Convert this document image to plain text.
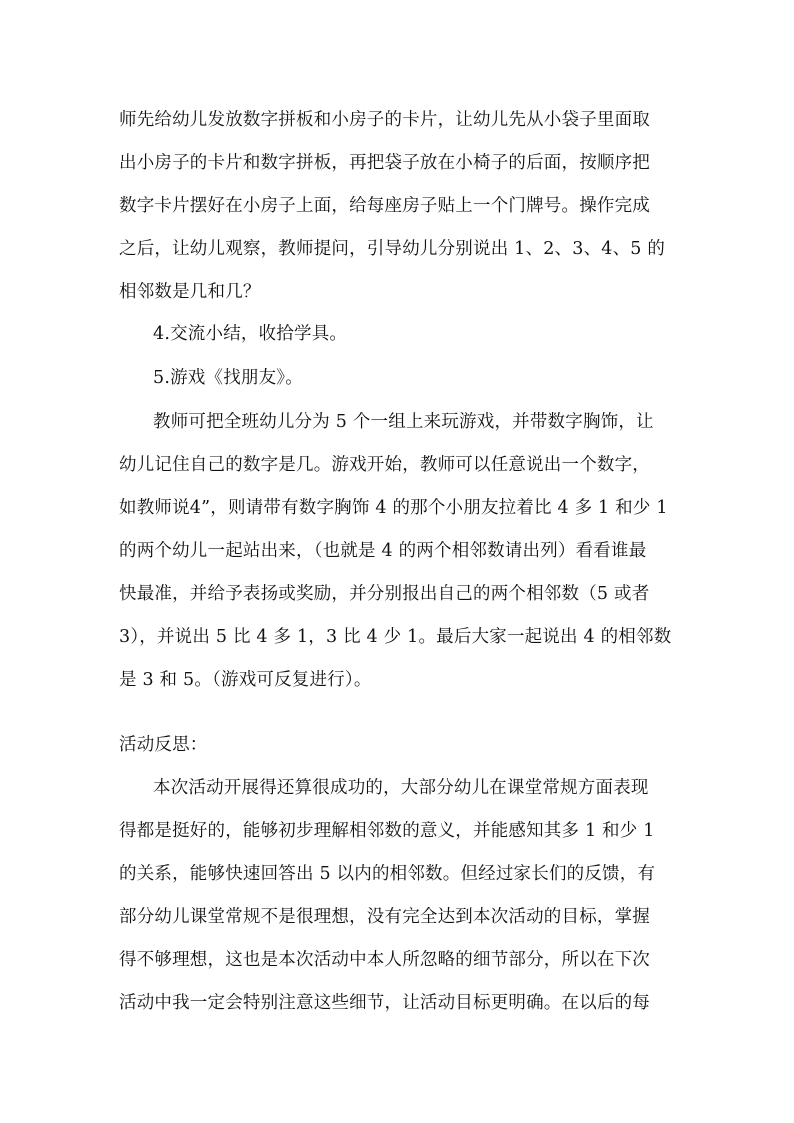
师先给幼儿发放数字拼板和小房子的卡片，让幼儿先从小袋子里面取
出小房子的卡片和数字拼板，再把袋子放在小椅子的后面，按顺序把
数字卡片摆好在小房子上面，给每座房子贴上一个门牌号。操作完成
之后，让幼儿观察，教师提问，引导幼儿分别说出 1、2、3、4、5 的
相邻数是几和几？
4.交流小结，收拾学具。
5.游戏《找朋友》。
教师可把全班幼儿分为 5 个一组上来玩游戏，并带数字胸饰，让
幼儿记住自己的数字是几。游戏开始，教师可以任意说出一个数字，
如教师说4”，则请带有数字胸饰 4 的那个小朋友拉着比 4 多 1 和少 1
的两个幼儿一起站出来，（也就是 4 的两个相邻数请出列）看看谁最
快最准，并给予表扬或奖励，并分别报出自己的两个相邻数（5 或者
3），并说出 5 比 4 多 1，3 比 4 少 1。最后大家一起说出 4 的相邻数
是 3 和 5。（游戏可反复进行）。
活动反思：
本次活动开展得还算很成功的，大部分幼儿在课堂常规方面表现
得都是挺好的，能够初步理解相邻数的意义，并能感知其多 1 和少 1
的关系，能够快速回答出 5 以内的相邻数。但经过家长们的反馈，有
部分幼儿课堂常规不是很理想，没有完全达到本次活动的目标，掌握
得不够理想，这也是本次活动中本人所忽略的细节部分，所以在下次
活动中我一定会特别注意这些细节，让活动目标更明确。在以后的每
